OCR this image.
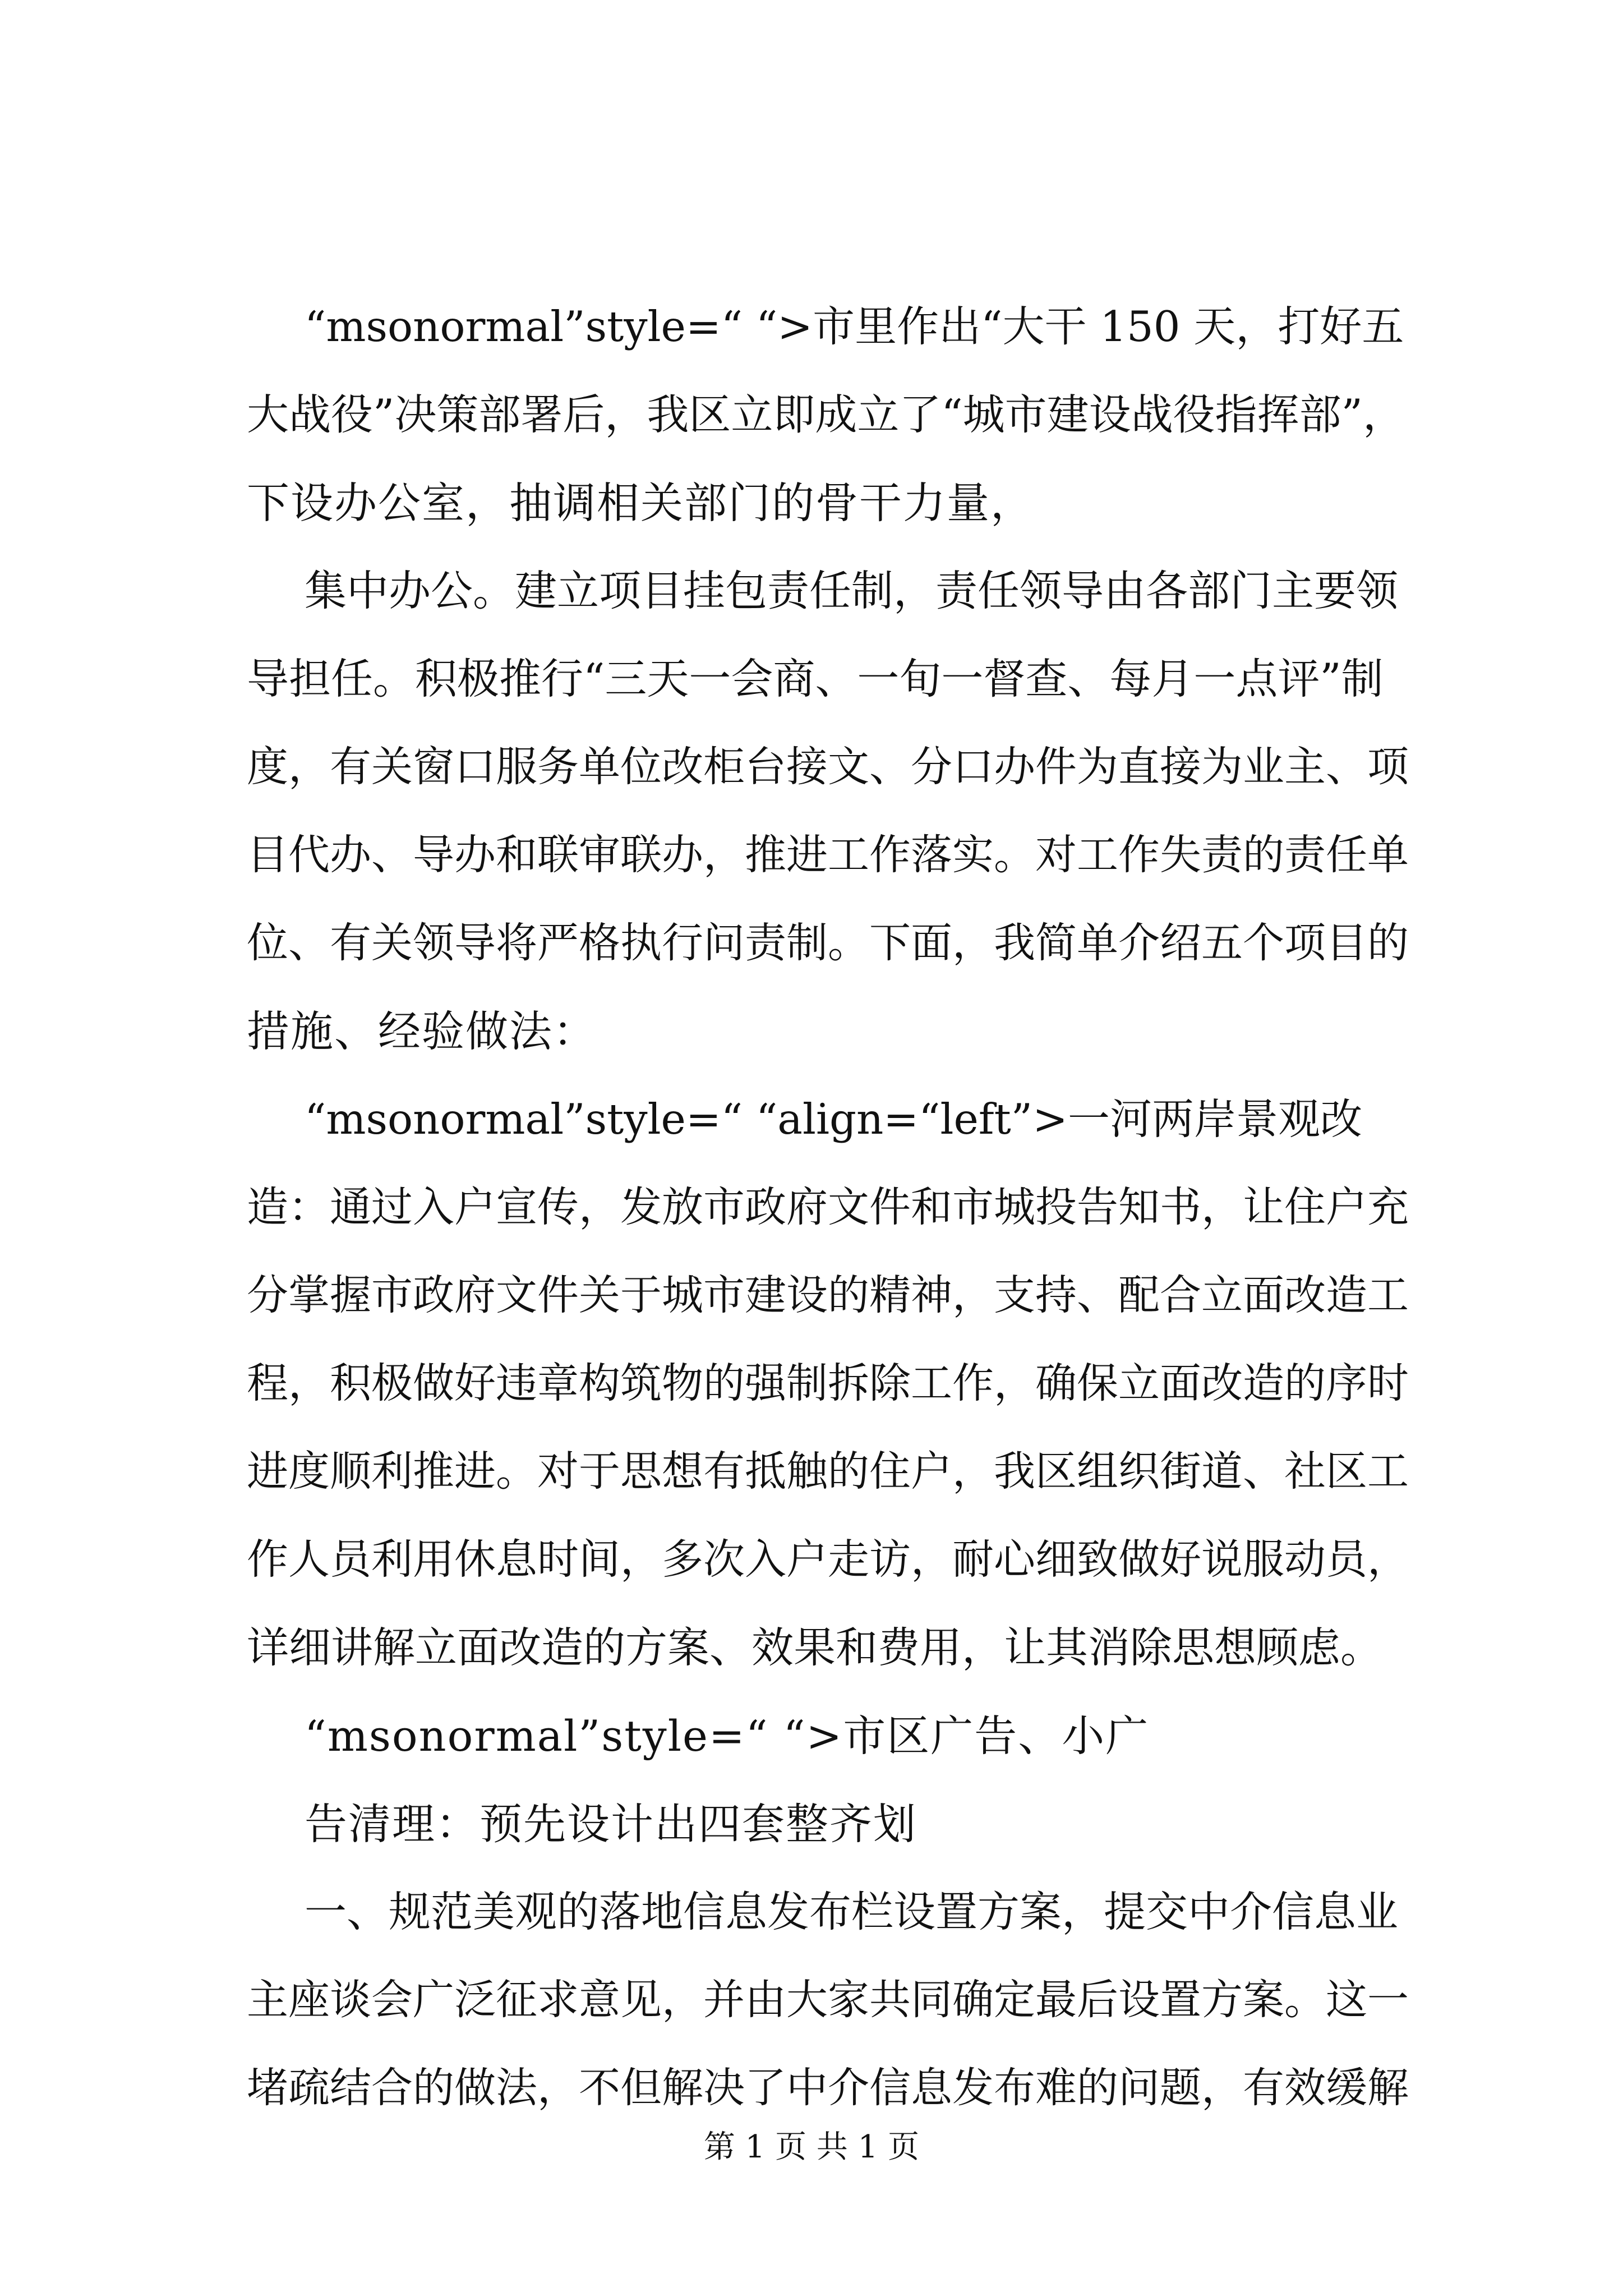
“msonormal”style=“ “>市里作出“大干 150 天，打好五
大战役”决策部署后，我区立即成立了“城市建设战役指挥部”，
下设办公室，抽调相关部门的骨干力量，
集中办公。建立项目挂包责任制，责任领导由各部门主要领
导担任。积极推行“三天一会商、一旬一督查、每月一点评”制
度，有关窗口服务单位改柜台接文、分口办件为直接为业主、项
目代办、导办和联审联办，推进工作落实。对工作失责的责任单
位、有关领导将严格执行问责制。下面，我简单介绍五个项目的
措施、经验做法：
“msonormal”style=“ “align=“left”>一河两岸景观改
造：通过入户宣传，发放市政府文件和市城投告知书，让住户充
分掌握市政府文件关于城市建设的精神，支持、配合立面改造工
程，积极做好违章构筑物的强制拆除工作，确保立面改造的序时
进度顺利推进。对于思想有抵触的住户，我区组织街道、社区工
作人员利用休息时间，多次入户走访，耐心细致做好说服动员，
详细讲解立面改造的方案、效果和费用，让其消除思想顾虑。
“msonormal”style=“ “>市区广告、小广
告清理：预先设计出四套整齐划
一、规范美观的落地信息发布栏设置方案，提交中介信息业
主座谈会广泛征求意见，并由大家共同确定最后设置方案。这一
堵疏结合的做法，不但解决了中介信息发布难的问题，有效缓解
第 1 页 共 1 页
